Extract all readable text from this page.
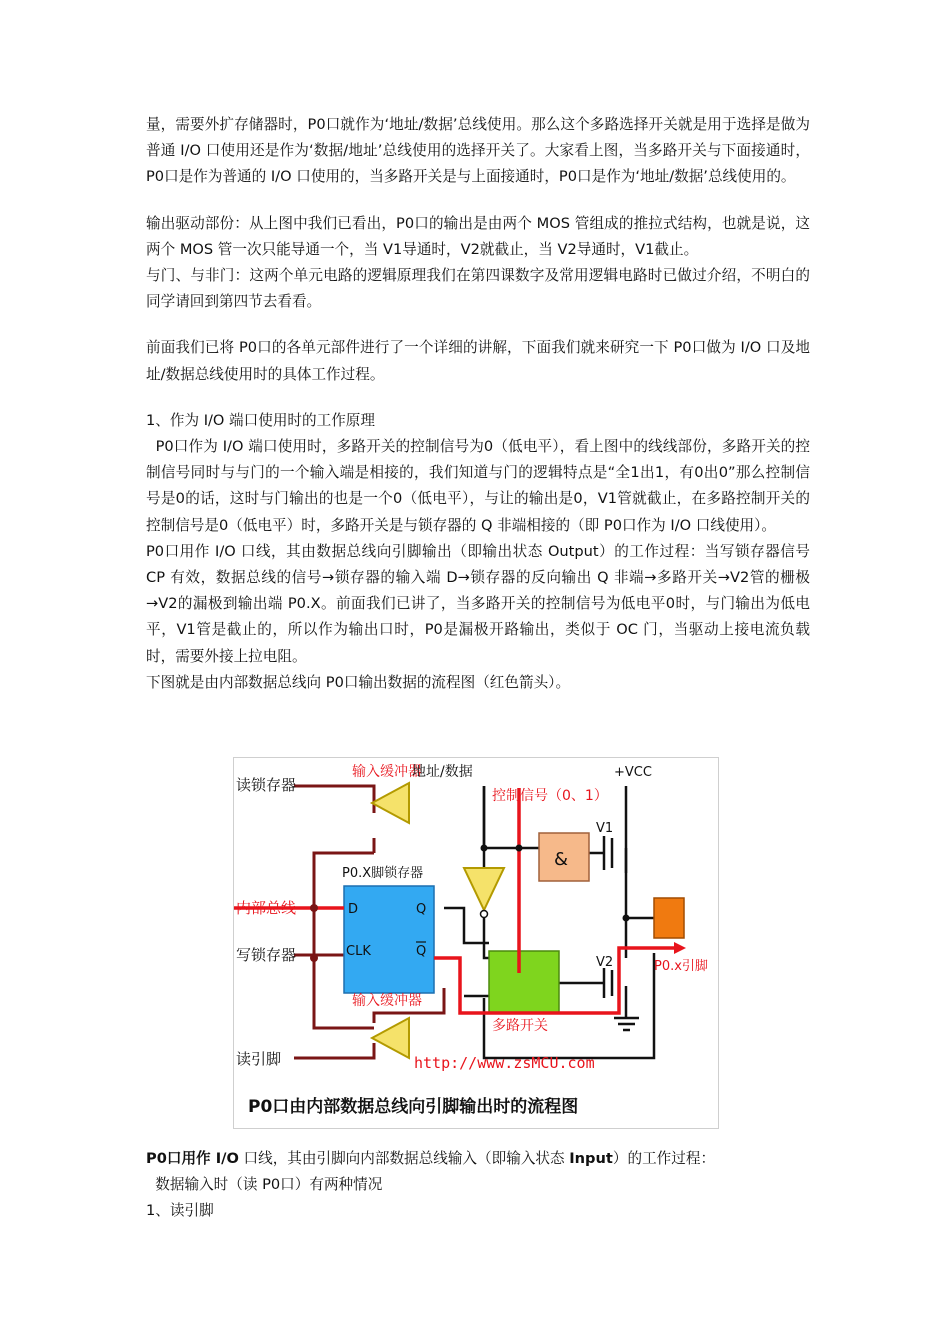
量，需要外扩存储器时，P0口就作为‘地址/数据’总线使用。那么这个多路选择开关就是用于选择是做为普通 I/O 口使用还是作为‘数据/地址’总线使用的选择开关了。大家看上图，当多路开关与下面接通时，P0口是作为普通的 I/O 口使用的，当多路开关是与上面接通时，P0口是作为‘地址/数据’总线使用的。

输出驱动部份：从上图中我们已看出，P0口的输出是由两个 MOS 管组成的推拉式结构，也就是说，这两个 MOS 管一次只能导通一个，当 V1导通时，V2就截止，当 V2导通时，V1截止。

与门、与非门：这两个单元电路的逻辑原理我们在第四课数字及常用逻辑电路时已做过介绍，不明白的同学请回到第四节去看看。

前面我们已将 P0口的各单元部件进行了一个详细的讲解，下面我们就来研究一下 P0口做为 I/O 口及地址/数据总线使用时的具体工作过程。

1、作为 I/O 端口使用时的工作原理

P0口作为 I/O 端口使用时，多路开关的控制信号为0（低电平），看上图中的线线部份，多路开关的控制信号同时与与门的一个输入端是相接的，我们知道与门的逻辑特点是“全1出1，有0出0”那么控制信号是0的话，这时与门输出的也是一个0（低电平），与让的输出是0，V1管就截止，在多路控制开关的控制信号是0（低电平）时，多路开关是与锁存器的 Q 非端相接的（即 P0口作为 I/O 口线使用）。

P0口用作 I/O 口线，其由数据总线向引脚输出（即输出状态 Output）的工作过程：当写锁存器信号 CP 有效，数据总线的信号→锁存器的输入端 D→锁存器的反向输出 Q 非端→多路开关→V2管的栅极→V2的漏极到输出端 P0.X。前面我们已讲了，当多路开关的控制信号为低电平0时，与门输出为低电平，V1管是截止的，所以作为输出口时，P0是漏极开路输出，类似于 OC 门，当驱动上接电流负载时，需要外接上拉电阻。

下图就是由内部数据总线向 P0口输出数据的流程图（红色箭头）。

读锁存器
输入缓冲器
地址/数据	+VCC
控制信号（0、1）
V1
&
P0.X脚锁存器
内部总线	D	Q
Q
CLK
写锁存器
输入缓冲器
多路开关
V2	P0.x引脚
读引脚	http://www.zsMCU.com
P0口由内部数据总线向引脚输出时的流程图

P0口用作 I/O 口线，其由引脚向内部数据总线输入（即输入状态 Input）的工作过程：

数据输入时（读 P0口）有两种情况

1、读引脚
